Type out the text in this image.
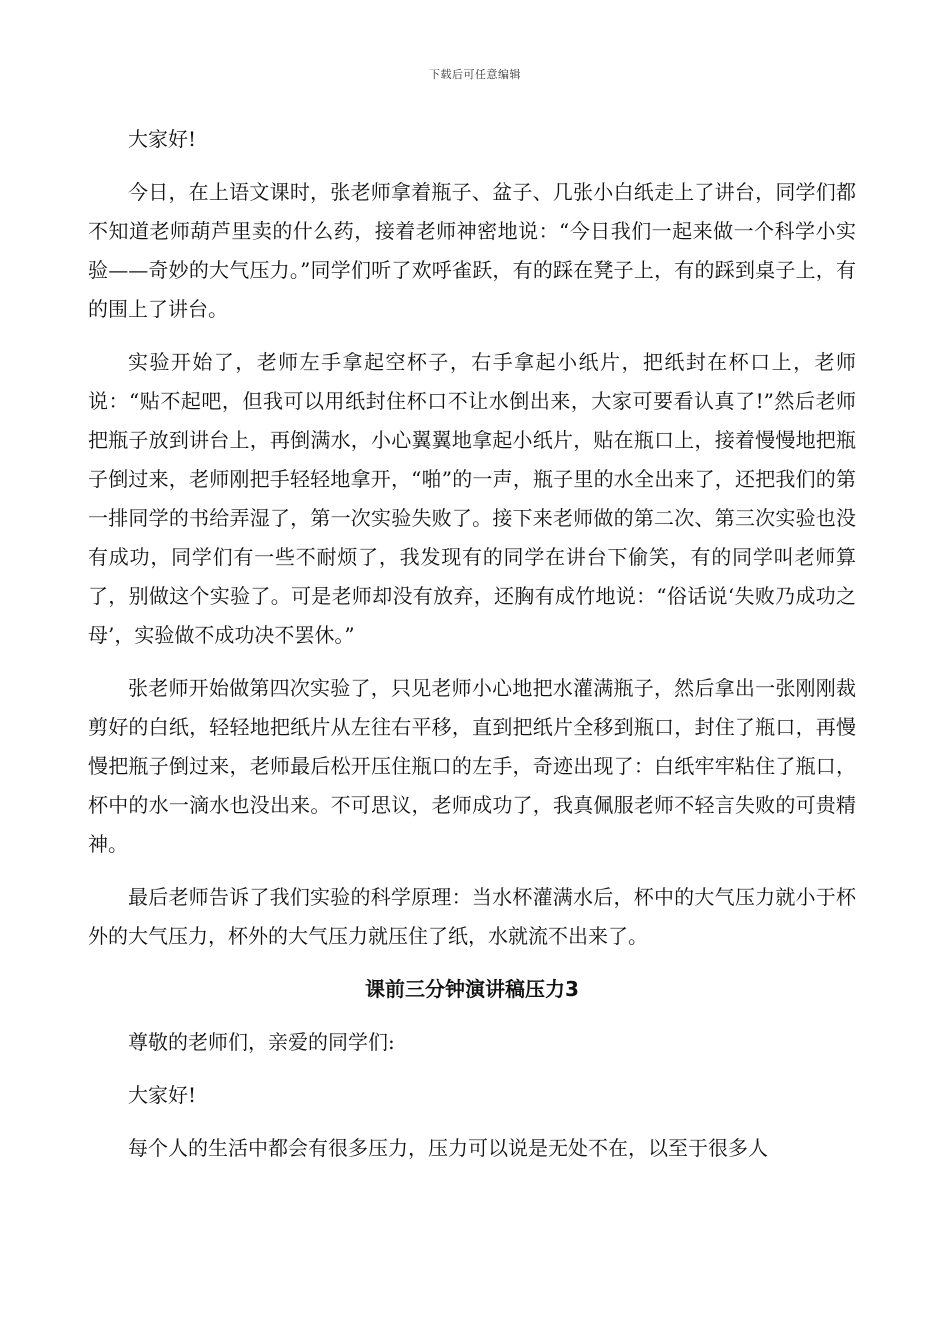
下载后可任意编辑

大家好!

今日，在上语文课时，张老师拿着瓶子、盆子、几张小白纸走上了讲台，同学们都不知道老师葫芦里卖的什么药，接着老师神密地说：“今日我们一起来做一个科学小实验——奇妙的大气压力。”同学们听了欢呼雀跃，有的踩在凳子上，有的踩到桌子上，有的围上了讲台。

实验开始了，老师左手拿起空杯子，右手拿起小纸片，把纸封在杯口上，老师说：“贴不起吧，但我可以用纸封住杯口不让水倒出来，大家可要看认真了!”然后老师把瓶子放到讲台上，再倒满水，小心翼翼地拿起小纸片，贴在瓶口上，接着慢慢地把瓶子倒过来，老师刚把手轻轻地拿开，“啪”的一声，瓶子里的水全出来了，还把我们的第一排同学的书给弄湿了，第一次实验失败了。接下来老师做的第二次、第三次实验也没有成功，同学们有一些不耐烦了，我发现有的同学在讲台下偷笑，有的同学叫老师算了，别做这个实验了。可是老师却没有放弃，还胸有成竹地说：“俗话说‘失败乃成功之母’，实验做不成功决不罢休。”

张老师开始做第四次实验了，只见老师小心地把水灌满瓶子，然后拿出一张刚刚裁剪好的白纸，轻轻地把纸片从左往右平移，直到把纸片全移到瓶口，封住了瓶口，再慢慢把瓶子倒过来，老师最后松开压住瓶口的左手，奇迹出现了：白纸牢牢粘住了瓶口，杯中的水一滴水也没出来。不可思议，老师成功了，我真佩服老师不轻言失败的可贵精神。

最后老师告诉了我们实验的科学原理：当水杯灌满水后，杯中的大气压力就小于杯外的大气压力，杯外的大气压力就压住了纸，水就流不出来了。

课前三分钟演讲稿压力3

尊敬的老师们，亲爱的同学们:

大家好!

每个人的生活中都会有很多压力，压力可以说是无处不在，以至于很多人
